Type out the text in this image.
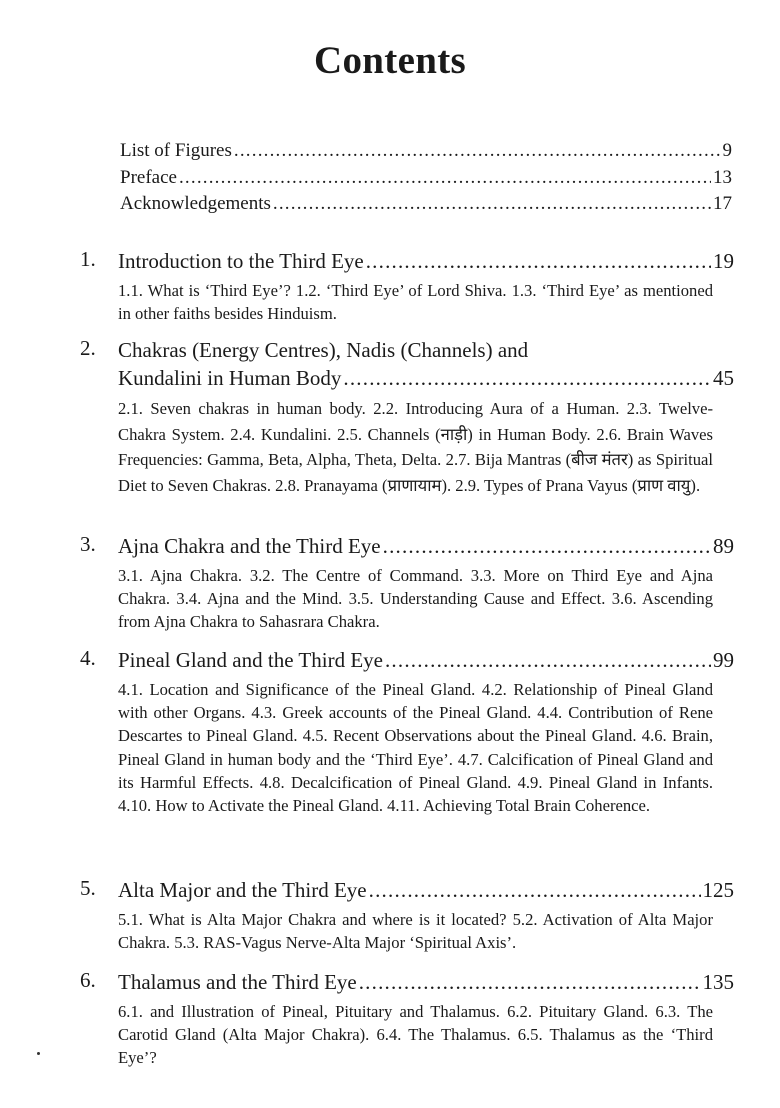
Contents
List of Figures .....	9
Preface .....	13
Acknowledgements .....	17
1. Introduction to the Third Eye .....	19
1.1. What is ‘Third Eye’? 1.2. ‘Third Eye’ of Lord Shiva. 1.3. ‘Third Eye’ as mentioned in other faiths besides Hinduism.
2. Chakras (Energy Centres), Nadis (Channels) and
Kundalini in Human Body .....	45
2.1. Seven chakras in human body. 2.2. Introducing Aura of a Human. 2.3. Twelve-Chakra System. 2.4. Kundalini. 2.5. Channels (नाड़ी) in Human Body. 2.6. Brain Waves Frequencies: Gamma, Beta, Alpha, Theta, Delta. 2.7. Bija Mantras (बीज मंतर) as Spiritual Diet to Seven Chakras. 2.8. Pranayama (प्राणायाम). 2.9. Types of Prana Vayus (प्राण वायु).
3. Ajna Chakra and the Third Eye .....	89
3.1. Ajna Chakra. 3.2. The Centre of Command. 3.3. More on Third Eye and Ajna Chakra. 3.4. Ajna and the Mind. 3.5. Understanding Cause and Effect. 3.6. Ascending from Ajna Chakra to Sahasrara Chakra.
4. Pineal Gland and the Third Eye .....	99
4.1. Location and Significance of the Pineal Gland. 4.2. Relationship of Pineal Gland with other Organs. 4.3. Greek accounts of the Pineal Gland. 4.4. Contribution of Rene Descartes to Pineal Gland. 4.5. Recent Observations about the Pineal Gland. 4.6. Brain, Pineal Gland in human body and the ‘Third Eye’. 4.7. Calcification of Pineal Gland and its Harmful Effects. 4.8. Decalcification of Pineal Gland. 4.9. Pineal Gland in Infants. 4.10. How to Activate the Pineal Gland. 4.11. Achieving Total Brain Coherence.
5. Alta Major and the Third Eye .....	125
5.1. What is Alta Major Chakra and where is it located? 5.2. Activation of Alta Major Chakra. 5.3. RAS-Vagus Nerve-Alta Major ‘Spiritual Axis’.
6. Thalamus and the Third Eye .....	135
6.1. and Illustration of Pineal, Pituitary and Thalamus. 6.2. Pituitary Gland. 6.3. The Carotid Gland (Alta Major Chakra). 6.4. The Thalamus. 6.5. Thalamus as the ‘Third Eye’?
